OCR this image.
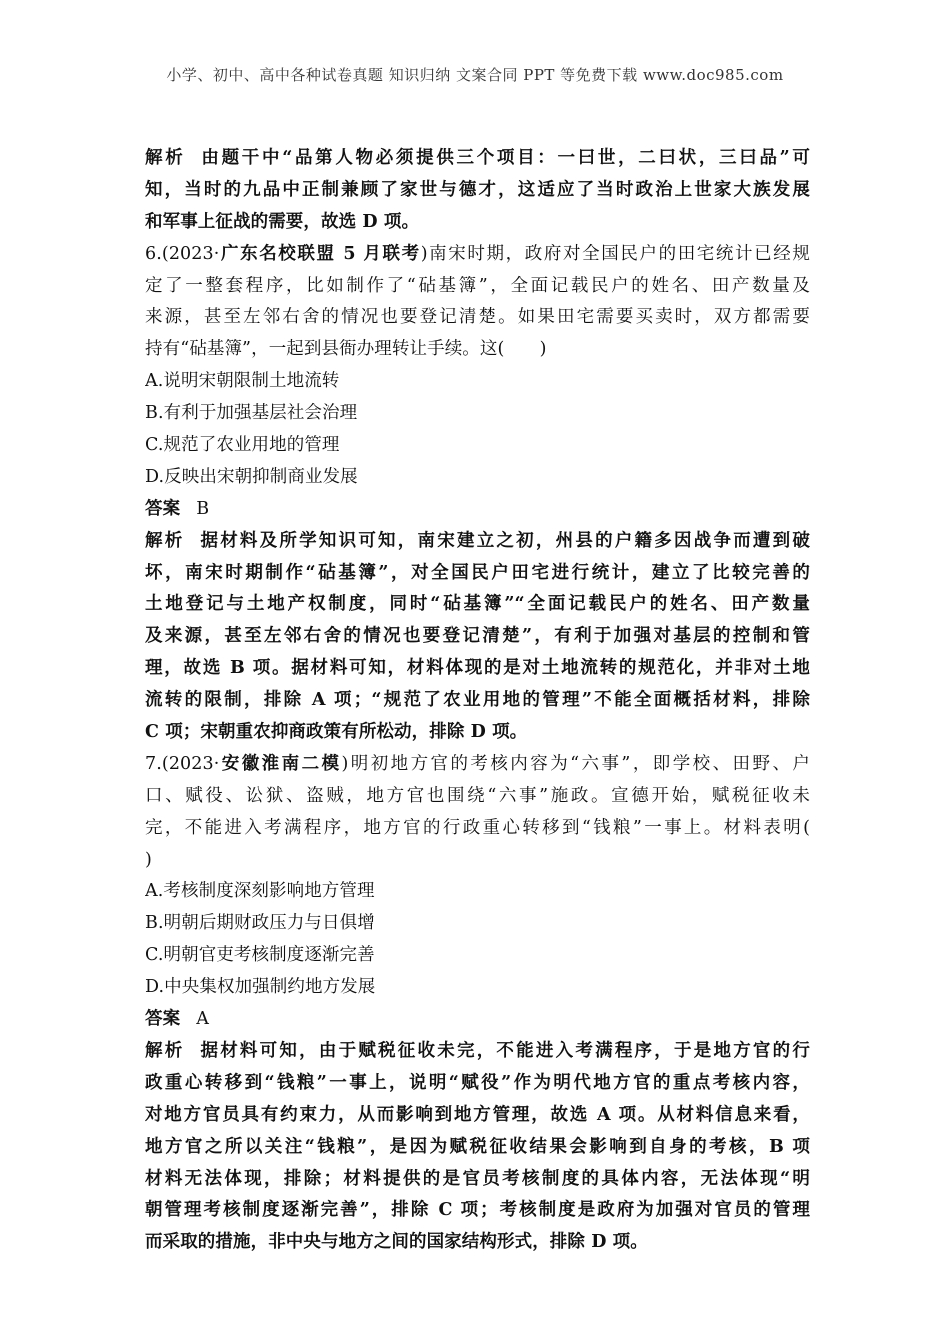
小学、初中、高中各种试卷真题 知识归纳 文案合同 PPT 等免费下载 www.doc985.com
解析 由题干中“品第人物必须提供三个项目：一曰世，二曰状，三曰品”可
知，当时的九品中正制兼顾了家世与德才，这适应了当时政治上世家大族发展
和军事上征战的需要，故选 D 项。
6.(2023·广东名校联盟 5 月联考)南宋时期，政府对全国民户的田宅统计已经规
定了一整套程序，比如制作了“砧基簿”，全面记载民户的姓名、田产数量及
来源，甚至左邻右舍的情况也要登记清楚。如果田宅需要买卖时，双方都需要
持有“砧基簿”，一起到县衙办理转让手续。这(　　)
A.说明宋朝限制土地流转
B.有利于加强基层社会治理
C.规范了农业用地的管理
D.反映出宋朝抑制商业发展
答案 B
解析 据材料及所学知识可知，南宋建立之初，州县的户籍多因战争而遭到破
坏，南宋时期制作“砧基簿”，对全国民户田宅进行统计，建立了比较完善的
土地登记与土地产权制度，同时“砧基簿”“全面记载民户的姓名、田产数量
及来源，甚至左邻右舍的情况也要登记清楚”，有利于加强对基层的控制和管
理，故选 B 项。据材料可知，材料体现的是对土地流转的规范化，并非对土地
流转的限制，排除 A 项；“规范了农业用地的管理”不能全面概括材料，排除
C 项；宋朝重农抑商政策有所松动，排除 D 项。
7.(2023·安徽淮南二模)明初地方官的考核内容为“六事”，即学校、田野、户
口、赋役、讼狱、盗贼，地方官也围绕“六事”施政。宣德开始，赋税征收未
完，不能进入考满程序，地方官的行政重心转移到“钱粮”一事上。材料表明(
)
A.考核制度深刻影响地方管理
B.明朝后期财政压力与日俱增
C.明朝官吏考核制度逐渐完善
D.中央集权加强制约地方发展
答案 A
解析 据材料可知，由于赋税征收未完，不能进入考满程序，于是地方官的行
政重心转移到“钱粮”一事上，说明“赋役”作为明代地方官的重点考核内容，
对地方官员具有约束力，从而影响到地方管理，故选 A 项。从材料信息来看，
地方官之所以关注“钱粮”，是因为赋税征收结果会影响到自身的考核，B 项
材料无法体现，排除；材料提供的是官员考核制度的具体内容，无法体现“明
朝管理考核制度逐渐完善”，排除 C 项；考核制度是政府为加强对官员的管理
而采取的措施，非中央与地方之间的国家结构形式，排除 D 项。
